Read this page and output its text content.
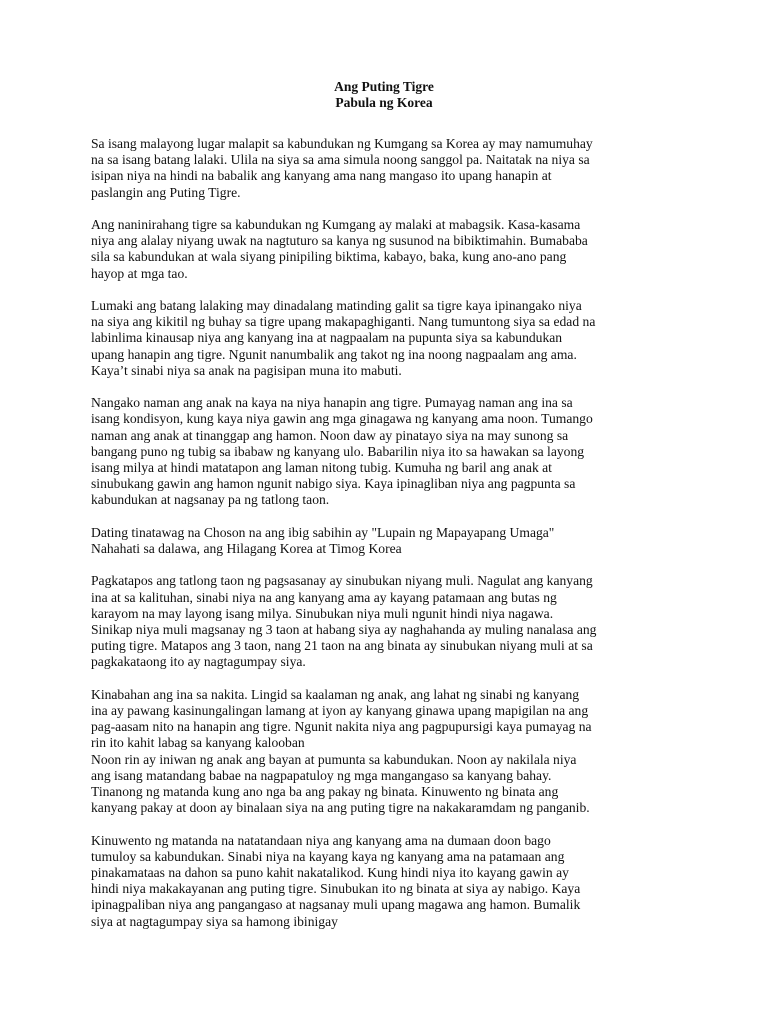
Ang Puting Tigre
Pabula ng Korea
Sa isang malayong lugar malapit sa kabundukan ng Kumgang sa Korea ay may namumuhay
na sa isang batang lalaki. Ulila na siya sa ama simula noong sanggol pa. Naitatak na niya sa
isipan niya na hindi na babalik ang kanyang ama nang mangaso ito upang hanapin at
paslangin ang Puting Tigre.
Ang naninirahang tigre sa kabundukan ng Kumgang ay malaki at mabagsik. Kasa-kasama
niya ang alalay niyang uwak na nagtuturo sa kanya ng susunod na bibiktimahin. Bumababa
sila sa kabundukan at wala siyang pinipiling biktima, kabayo, baka, kung ano-ano pang
hayop at mga tao.
Lumaki ang batang lalaking may dinadalang matinding galit sa tigre kaya ipinangako niya
na siya ang kikitil ng buhay sa tigre upang makapaghiganti. Nang tumuntong siya sa edad na
labinlima kinausap niya ang kanyang ina at nagpaalam na pupunta siya sa kabundukan
upang hanapin ang tigre. Ngunit nanumbalik ang takot ng ina noong nagpaalam ang ama.
Kaya’t sinabi niya sa anak na pagisipan muna ito mabuti.
Nangako naman ang anak na kaya na niya hanapin ang tigre. Pumayag naman ang ina sa
isang kondisyon, kung kaya niya gawin ang mga ginagawa ng kanyang ama noon. Tumango
naman ang anak at tinanggap ang hamon. Noon daw ay pinatayo siya na may sunong sa
bangang puno ng tubig sa ibabaw ng kanyang ulo. Babarilin niya ito sa hawakan sa layong
isang milya at hindi matatapon ang laman nitong tubig. Kumuha ng baril ang anak at
sinubukang gawin ang hamon ngunit nabigo siya. Kaya ipinagliban niya ang pagpunta sa
kabundukan at nagsanay pa ng tatlong taon.
Dating tinatawag na Choson na ang ibig sabihin ay "Lupain ng Mapayapang Umaga"
Nahahati sa dalawa, ang Hilagang Korea at Timog Korea
Pagkatapos ang tatlong taon ng pagsasanay ay sinubukan niyang muli. Nagulat ang kanyang
ina at sa kalituhan, sinabi niya na ang kanyang ama ay kayang patamaan ang butas ng
karayom na may layong isang milya. Sinubukan niya muli ngunit hindi niya nagawa.
Sinikap niya muli magsanay ng 3 taon at habang siya ay naghahanda ay muling nanalasa ang
puting tigre. Matapos ang 3 taon, nang 21 taon na ang binata ay sinubukan niyang muli at sa
pagkakataong ito ay nagtagumpay siya.
Kinabahan ang ina sa nakita. Lingid sa kaalaman ng anak, ang lahat ng sinabi ng kanyang
ina ay pawang kasinungalingan lamang at iyon ay kanyang ginawa upang mapigilan na ang
pag-aasam nito na hanapin ang tigre. Ngunit nakita niya ang pagpupursigi kaya pumayag na
rin ito kahit labag sa kanyang kalooban
Noon rin ay iniwan ng anak ang bayan at pumunta sa kabundukan. Noon ay nakilala niya
ang isang matandang babae na nagpapatuloy ng mga mangangaso sa kanyang bahay.
Tinanong ng matanda kung ano nga ba ang pakay ng binata. Kinuwento ng binata ang
kanyang pakay at doon ay binalaan siya na ang puting tigre na nakakaramdam ng panganib.
Kinuwento ng matanda na natatandaan niya ang kanyang ama na dumaan doon bago
tumuloy sa kabundukan. Sinabi niya na kayang kaya ng kanyang ama na patamaan ang
pinakamataas na dahon sa puno kahit nakatalikod. Kung hindi niya ito kayang gawin ay
hindi niya makakayanan ang puting tigre. Sinubukan ito ng binata at siya ay nabigo. Kaya
ipinagpaliban niya ang pangangaso at nagsanay muli upang magawa ang hamon. Bumalik
siya at nagtagumpay siya sa hamong ibinigay
